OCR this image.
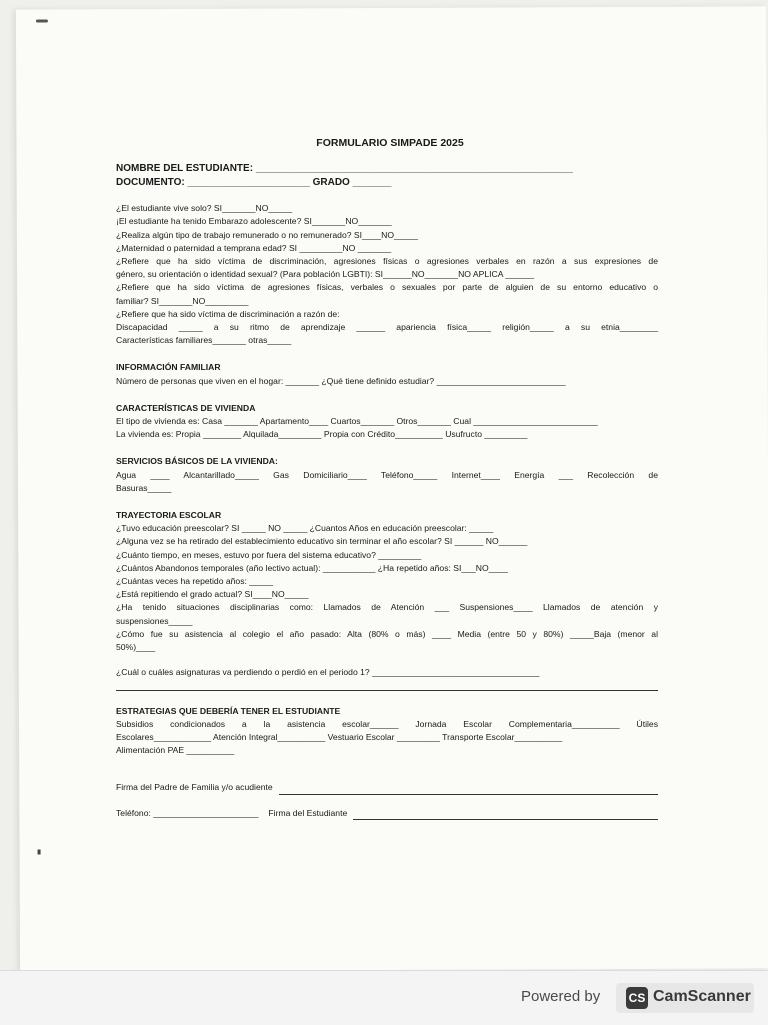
FORMULARIO SIMPADE 2025
NOMBRE DEL ESTUDIANTE: _________________________________________________________
DOCUMENTO: ______________________ GRADO _______

¿El estudiante vive solo? SI_______NO_____

¡El estudiante ha tenido Embarazo adolescente? SI_______NO_______

¿Realiza algún tipo de trabajo remunerado o no remunerado? SI____NO_____

¿Maternidad o paternidad a temprana edad? SI _________NO _______

¿Refiere que ha sido víctima de discriminación, agresiones físicas o agresiones verbales en razón a sus expresiones de

género, su orientación o identidad sexual? (Para población LGBTI): SI______NO_______NO APLICA ______

¿Refiere que ha sido víctima de agresiones físicas, verbales o sexuales por parte de alguien de su entorno educativo o

familiar? SI_______NO_________

¿Refiere que ha sido víctima de discriminación a razón de:

Discapacidad _____ a su ritmo de aprendizaje ______ apariencia física_____ religión_____ a su etnia________

Características familiares_______ otras_____

INFORMACIÓN FAMILIAR

Número de personas que viven en el hogar: _______ ¿Qué tiene definido estudiar? ___________________________

CARACTERÍSTICAS DE VIVIENDA

El tipo de vivienda es: Casa _______ Apartamento____ Cuartos_______ Otros_______ Cual __________________________

La vivienda es: Propia ________ Alquilada_________ Propia con Crédito__________ Usufructo _________

SERVICIOS BÁSICOS DE LA VIVIENDA:

Agua ____ Alcantarillado_____ Gas Domiciliario____ Teléfono_____ Internet____ Energía ___ Recolección de

Basuras_____

TRAYECTORIA ESCOLAR

¿Tuvo educación preescolar? SI _____ NO _____ ¿Cuantos Años en educación preescolar: _____

¿Alguna vez se ha retirado del establecimiento educativo sin terminar el año escolar? SI ______ NO______

¿Cuánto tiempo, en meses, estuvo por fuera del sistema educativo? _________

¿Cuántos Abandonos temporales (año lectivo actual): ___________ ¿Ha repetido años: SI___NO____

¿Cuántas veces ha repetido años: _____

¿Está repitiendo el grado actual? SI____NO_____

¿Ha tenido situaciones disciplinarias como: Llamados de Atención ___ Suspensiones____ Llamados de atención y

suspensiones_____

¿Cómo fue su asistencia al colegio el año pasado: Alta (80% o más) ____ Media (entre 50 y 80%) _____Baja (menor al

50%)____

¿Cuál o cuáles asignaturas va perdiendo o perdió en el periodo 1? ___________________________________

ESTRATEGIAS QUE DEBERÍA TENER EL ESTUDIANTE

Subsidios condicionados a la asistencia escolar______ Jornada Escolar Complementaria__________ Útiles

Escolares____________ Atención Integral__________ Vestuario Escolar _________ Transporte Escolar__________

Alimentación PAE __________

Firma del Padre de Familia y/o acudiente
Teléfono: ______________________ Firma del Estudiante
Powered by CS CamScanner
